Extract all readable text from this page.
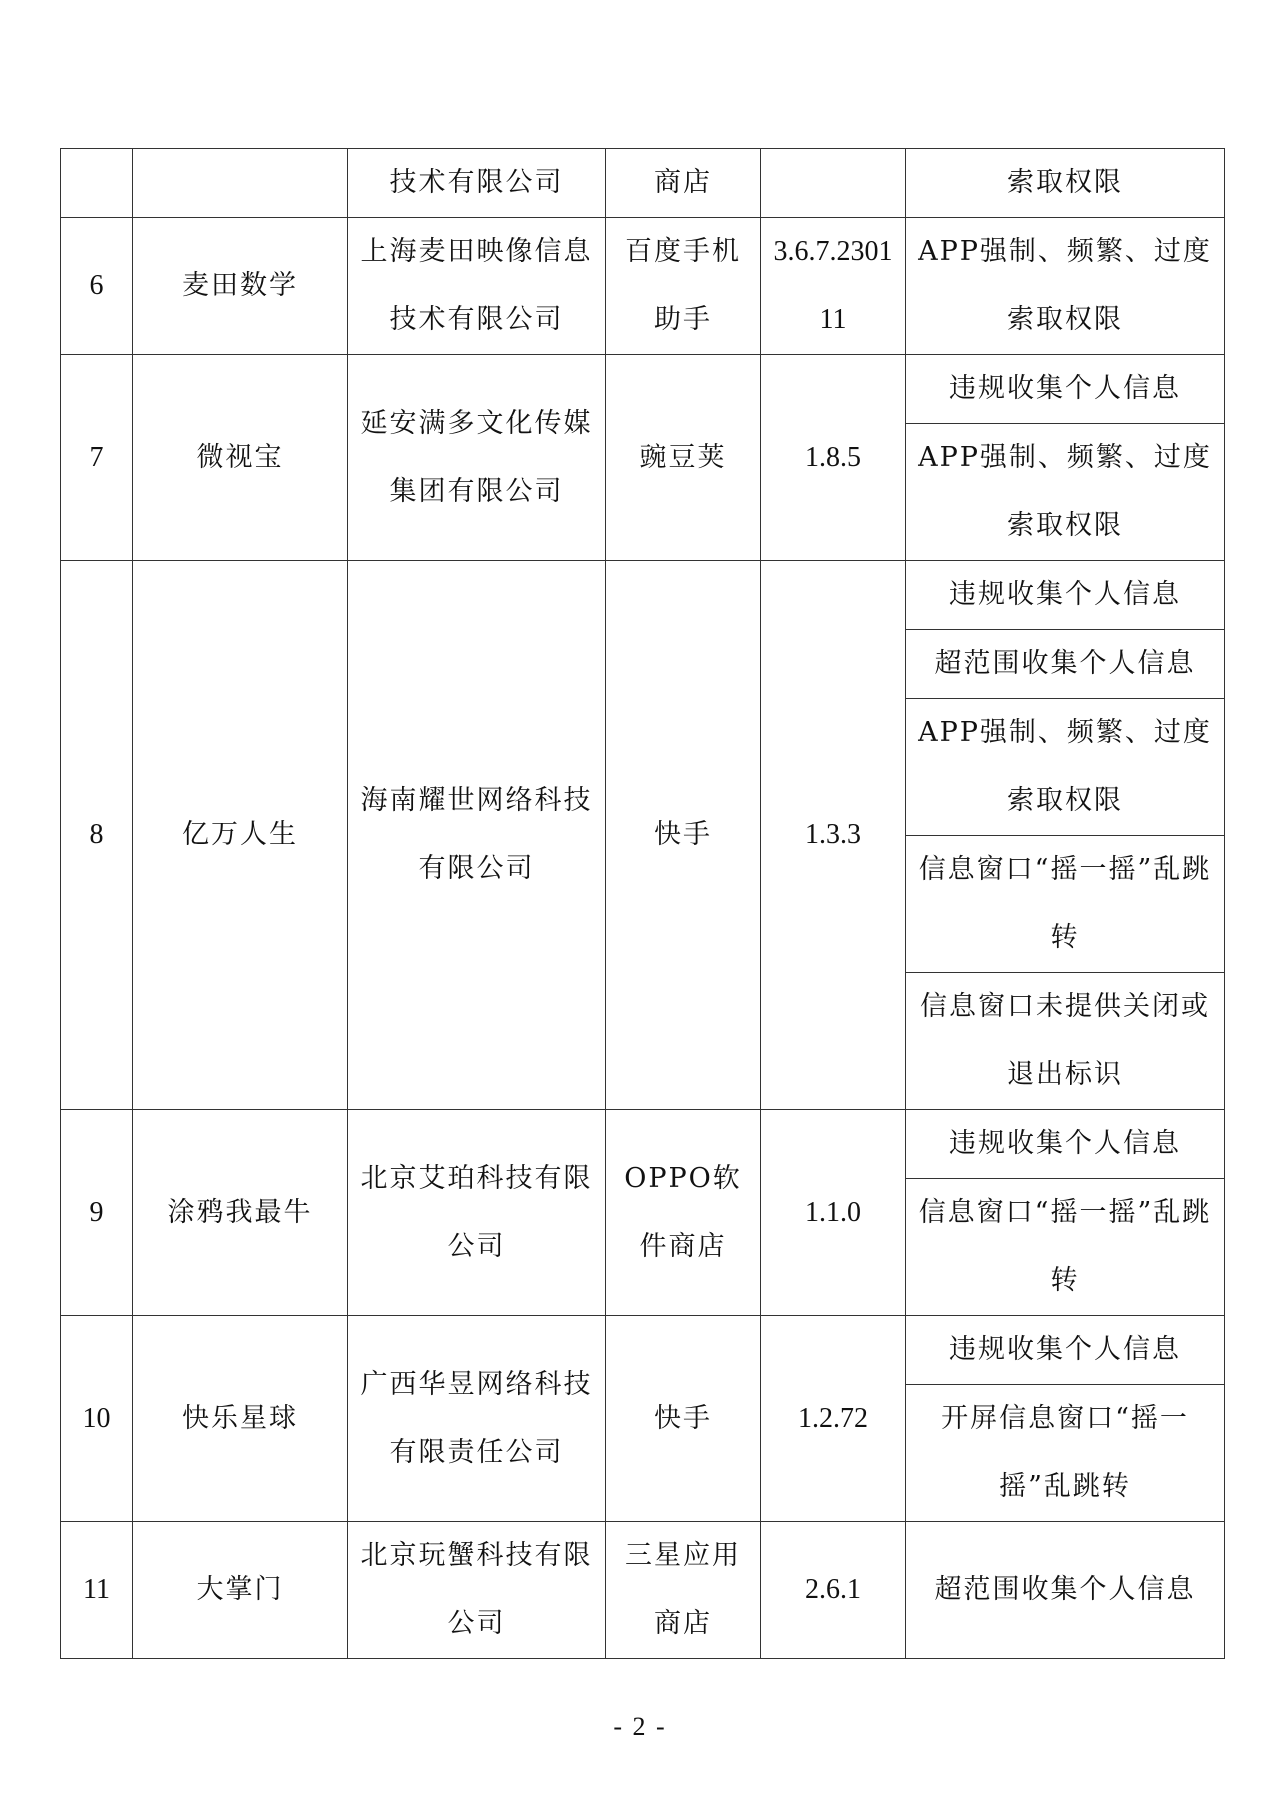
		技术有限公司	商店		索取权限
6	麦田数学	上海麦田映像信息技术有限公司	百度手机助手	3.6.7.230111	APP强制、频繁、过度索取权限
7	微视宝	延安满多文化传媒集团有限公司	豌豆荚	1.8.5	违规收集个人信息
					APP强制、频繁、过度索取权限
8	亿万人生	海南耀世网络科技有限公司	快手	1.3.3	违规收集个人信息
					超范围收集个人信息
					APP强制、频繁、过度索取权限
					信息窗口“摇一摇”乱跳转
					信息窗口未提供关闭或退出标识
9	涂鸦我最牛	北京艾珀科技有限公司	OPPO软件商店	1.1.0	违规收集个人信息
					信息窗口“摇一摇”乱跳转
10	快乐星球	广西华昱网络科技有限责任公司	快手	1.2.72	违规收集个人信息
					开屏信息窗口“摇一摇”乱跳转
11	大掌门	北京玩蟹科技有限公司	三星应用商店	2.6.1	超范围收集个人信息
- 2 -
